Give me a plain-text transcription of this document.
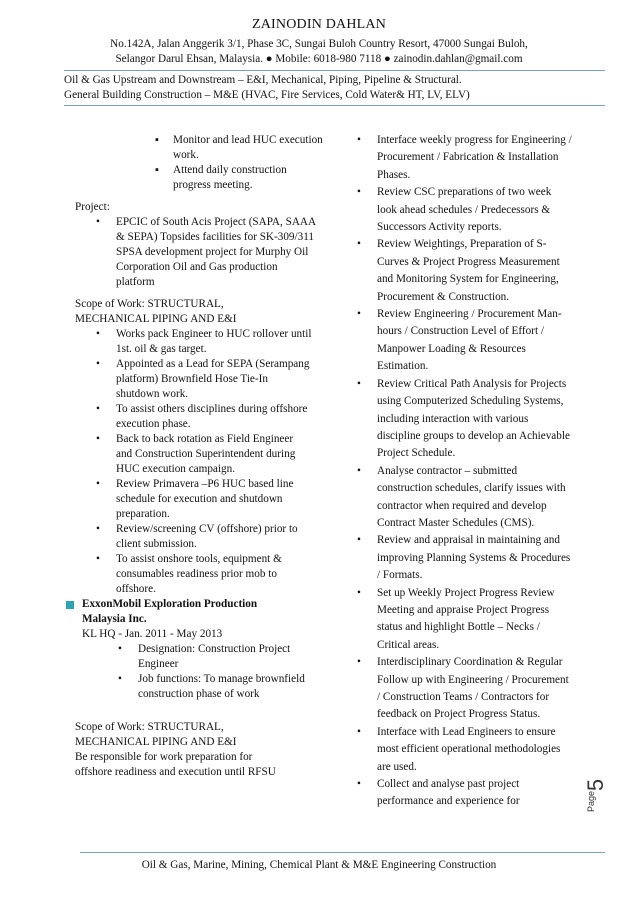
ZAINODIN DAHLAN
No.142A, Jalan Anggerik 3/1, Phase 3C, Sungai Buloh Country Resort, 47000 Sungai Buloh,
Selangor Darul Ehsan, Malaysia. ● Mobile: 6018-980 7118 ● zainodin.dahlan@gmail.com
Oil & Gas Upstream and Downstream – E&I, Mechanical, Piping, Pipeline & Structural.
General Building Construction – M&E (HVAC, Fire Services, Cold Water& HT, LV, ELV)
▪ Monitor and lead HUC execution work.
▪ Attend daily construction progress meeting.
Project:
• EPCIC of South Acis Project (SAPA, SAAA & SEPA) Topsides facilities for SK-309/311 SPSA development project for Murphy Oil Corporation Oil and Gas production platform
Scope of Work: STRUCTURAL,
MECHANICAL PIPING AND E&I
• Works pack Engineer to HUC rollover until 1st. oil & gas target.
• Appointed as a Lead for SEPA (Serampang platform) Brownfield Hose Tie-In shutdown work.
• To assist others disciplines during offshore execution phase.
• Back to back rotation as Field Engineer and Construction Superintendent during HUC execution campaign.
• Review Primavera –P6 HUC based line schedule for execution and shutdown preparation.
• Review/screening CV (offshore) prior to client submission.
• To assist onshore tools, equipment & consumables readiness prior mob to offshore.
ExxonMobil Exploration Production
Malaysia Inc.
KL HQ - Jan. 2011 - May 2013
• Designation: Construction Project Engineer
• Job functions: To manage brownfield construction phase of work
Scope of Work: STRUCTURAL,
MECHANICAL PIPING AND E&I
Be responsible for work preparation for
offshore readiness and execution until RFSU
• Interface weekly progress for Engineering / Procurement / Fabrication & Installation Phases.
• Review CSC preparations of two week look ahead schedules / Predecessors & Successors Activity reports.
• Review Weightings, Preparation of S-Curves & Project Progress Measurement and Monitoring System for Engineering, Procurement & Construction.
• Review Engineering / Procurement Man-hours / Construction Level of Effort / Manpower Loading & Resources Estimation.
• Review Critical Path Analysis for Projects using Computerized Scheduling Systems, including interaction with various discipline groups to develop an Achievable Project Schedule.
• Analyse contractor – submitted construction schedules, clarify issues with contractor when required and develop Contract Master Schedules (CMS).
• Review and appraisal in maintaining and improving Planning Systems & Procedures / Formats.
• Set up Weekly Project Progress Review Meeting and appraise Project Progress status and highlight Bottle – Necks / Critical areas.
• Interdisciplinary Coordination & Regular Follow up with Engineering / Procurement / Construction Teams / Contractors for feedback on Project Progress Status.
• Interface with Lead Engineers to ensure most efficient operational methodologies are used.
• Collect and analyse past project performance and experience for	Page
5
Oil & Gas, Marine, Mining, Chemical Plant & M&E Engineering Construction
